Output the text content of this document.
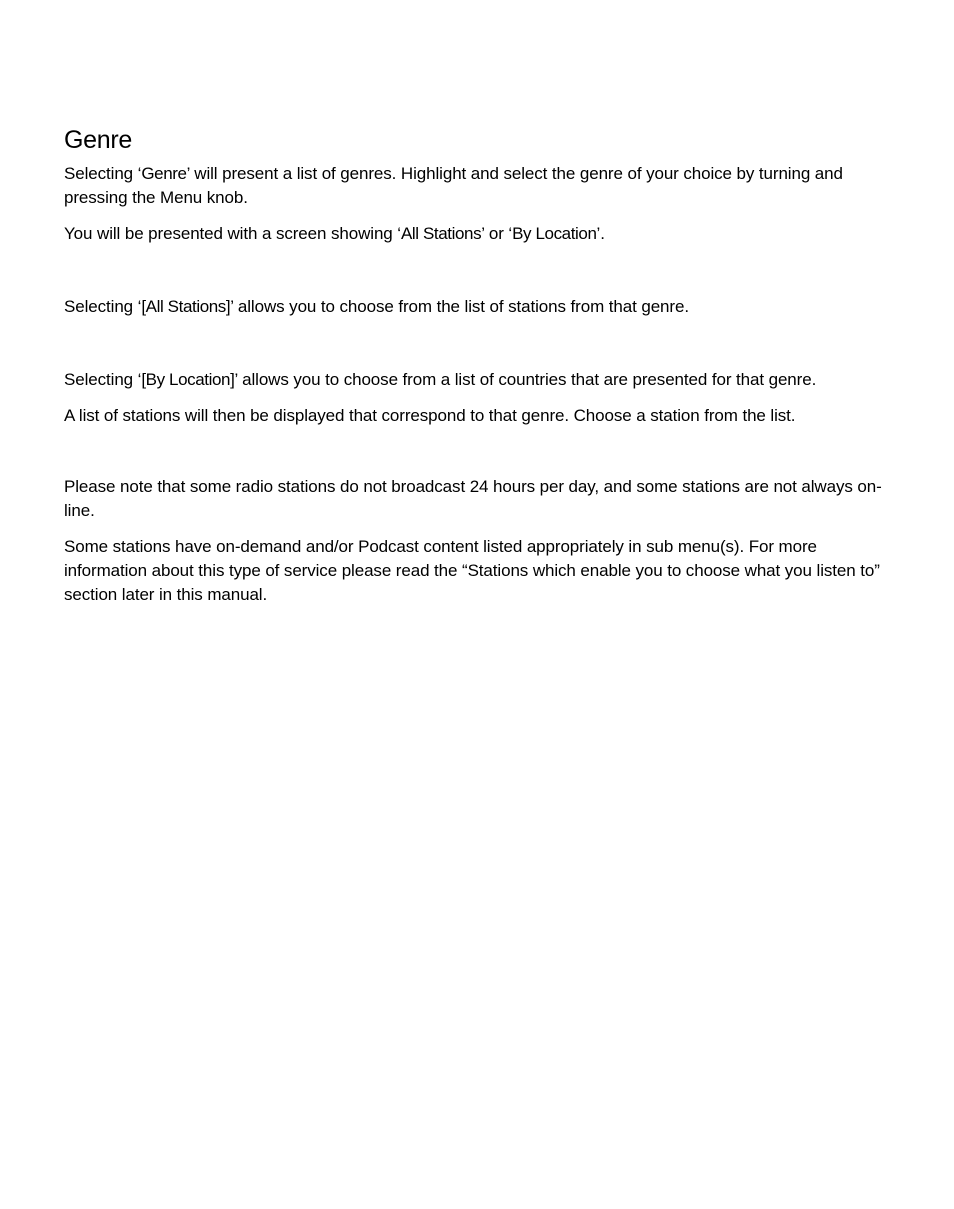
Genre

Selecting ‘Genre’ will present a list of genres. Highlight and select the genre of your choice by turning and pressing the Menu knob.

You will be presented with a screen showing ‘All Stations’ or ‘By Location’.

Selecting ‘[All Stations]’ allows you to choose from the list of stations from that genre.

Selecting ‘[By Location]’ allows you to choose from a list of countries that are presented for that genre.

A list of stations will then be displayed that correspond to that genre. Choose a station from the list.

Please note that some radio stations do not broadcast 24 hours per day, and some stations are not always on-line.

Some stations have on-demand and/or Podcast content listed appropriately in sub menu(s). For more information about this type of service please read the “Stations which enable you to choose what you listen to” section later in this manual.
